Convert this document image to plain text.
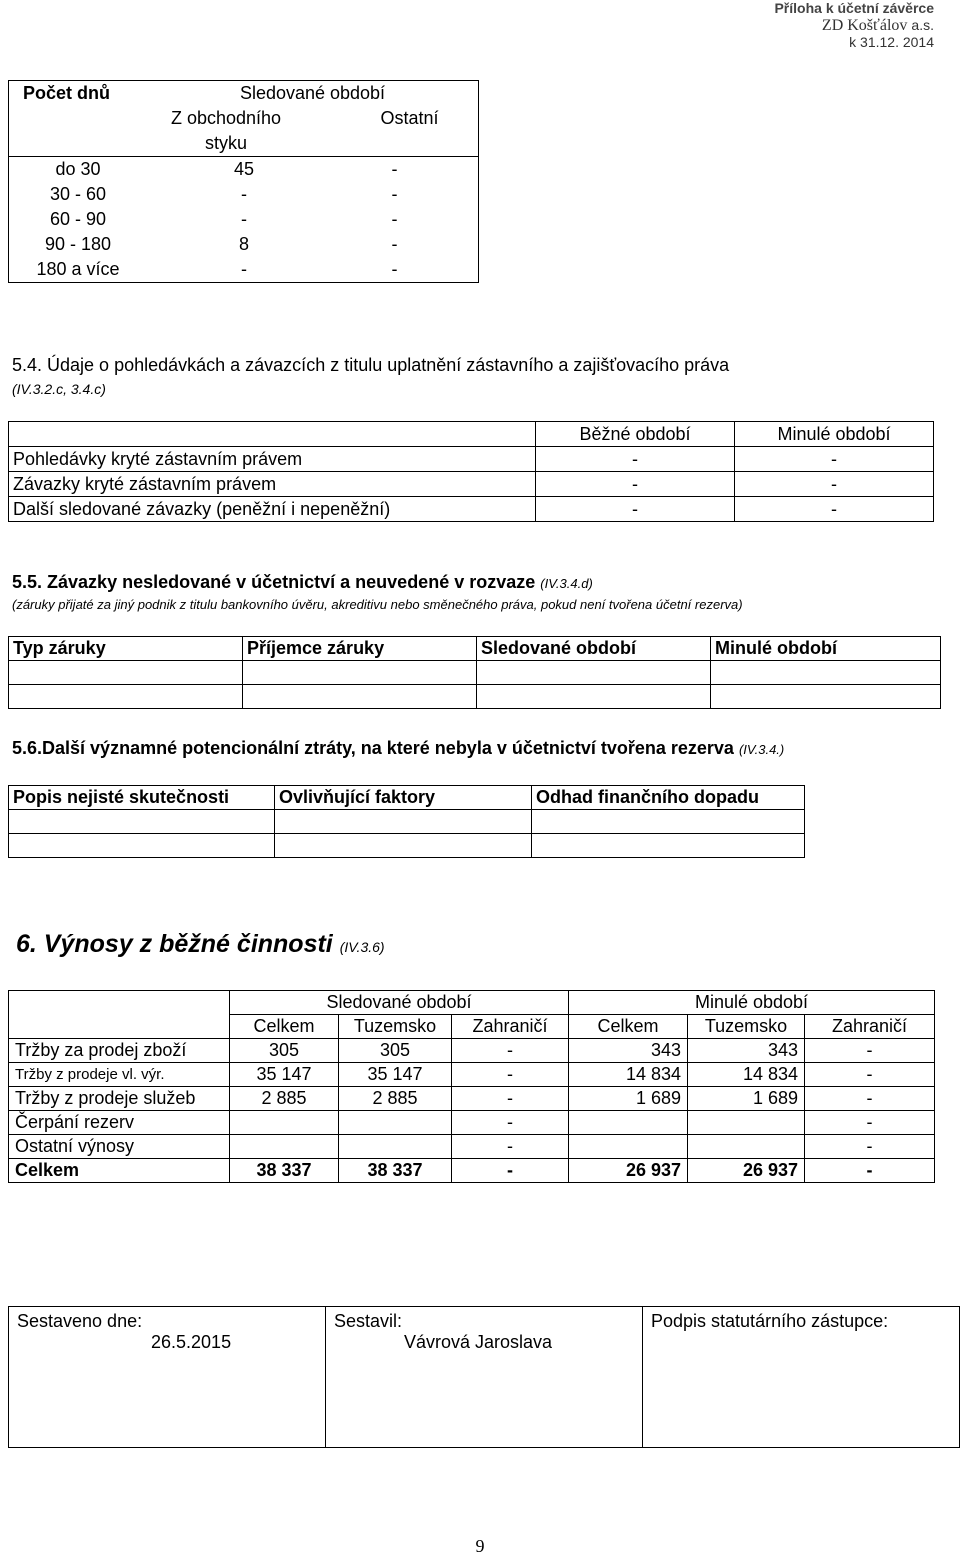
Příloha k účetní závěrce
ZD Košťálov a.s.
k 31.12. 2014
Počet dnů	Sledované období	
	Z obchodního	Ostatní
	styku	
do 30	45	-
30 - 60	-	-
60 - 90	-	-
90 - 180	8	-
180 a více	-	-
5.4. Údaje o pohledávkách a závazcích z titulu uplatnění zástavního a zajišťovacího práva
(IV.3.2.c, 3.4.c)
	Běžné období	Minulé období
Pohledávky kryté zástavním právem	-	-
Závazky kryté zástavním právem	-	-
Další sledované závazky (peněžní i nepeněžní)	-	-
5.5. Závazky nesledované v účetnictví a neuvedené v rozvaze (IV.3.4.d)
(záruky přijaté za jiný podnik z titulu bankovního úvěru, akreditivu nebo směnečného práva, pokud není tvořena účetní rezerva)
Typ záruky	Příjemce záruky	Sledované období	Minulé období

5.6.Další významné potencionální ztráty, na které nebyla v účetnictví tvořena rezerva (IV.3.4.)
Popis nejisté skutečnosti	Ovlivňující faktory	Odhad finančního dopadu

6. Výnosy z běžné činnosti (IV.3.6)
	Sledované období			Minulé období		
	Celkem	Tuzemsko	Zahraničí	Celkem	Tuzemsko	Zahraničí
Tržby za prodej zboží	305	305	-	343	343	-
Tržby z prodeje vl. výr.	35 147	35 147	-	14 834	14 834	-
Tržby z prodeje služeb	2 885	2 885	-	1 689	1 689	-
Čerpání rezerv			-			-
Ostatní výnosy			-			-
Celkem	38 337	38 337	-	26 937	26 937	-
Sestaveno dne:
26.5.2015

Sestavil:
Vávrová Jaroslava

Podpis statutárního zástupce:
9
